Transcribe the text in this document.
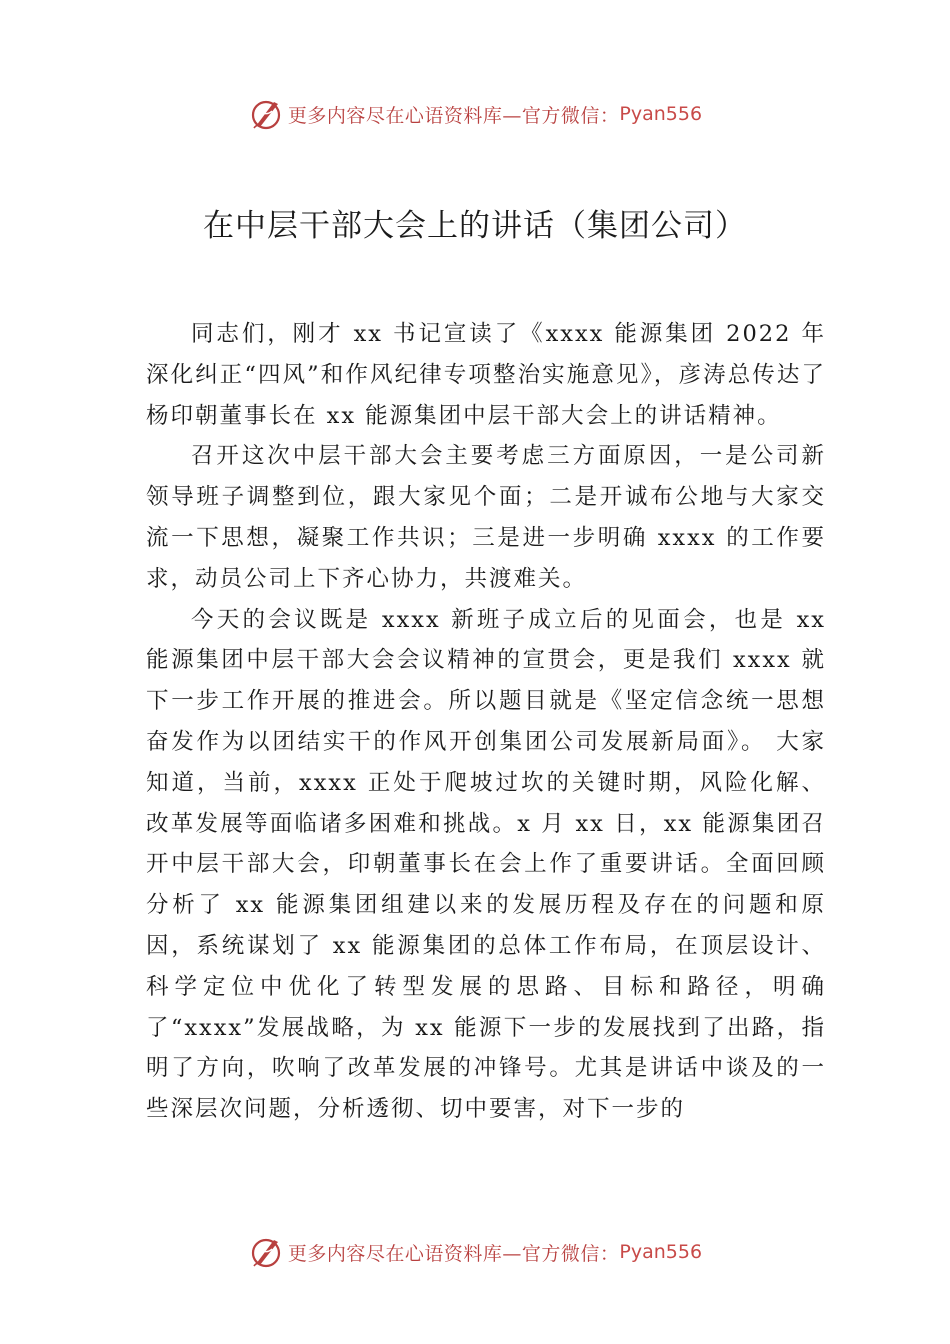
更多内容尽在心语资料库—官方微信： Pyan556
在中层干部大会上的讲话（集团公司）

同志们，刚才 xx 书记宣读了《xxxx 能源集团 2022 年深化纠正“四风”和作风纪律专项整治实施意见》，彦涛总传达了杨印朝董事长在 xx 能源集团中层干部大会上的讲话精神。

召开这次中层干部大会主要考虑三方面原因，一是公司新领导班子调整到位，跟大家见个面；二是开诚布公地与大家交流一下思想，凝聚工作共识；三是进一步明确 xxxx 的工作要求，动员公司上下齐心协力，共渡难关。

今天的会议既是 xxxx 新班子成立后的见面会，也是 xx 能源集团中层干部大会会议精神的宣贯会，更是我们 xxxx 就下一步工作开展的推进会。所以题目就是《坚定信念统一思想奋发作为以团结实干的作风开创集团公司发展新局面》。 大家知道，当前，xxxx 正处于爬坡过坎的关键时期，风险化解、改革发展等面临诸多困难和挑战。x 月 xx 日，xx 能源集团召开中层干部大会，印朝董事长在会上作了重要讲话。全面回顾分析了 xx 能源集团组建以来的发展历程及存在的问题和原因，系统谋划了 xx 能源集团的总体工作布局，在顶层设计、科学定位中优化了转型发展的思路、目标和路径，明确了“xxxx”发展战略，为 xx 能源下一步的发展找到了出路，指明了方向，吹响了改革发展的冲锋号。尤其是讲话中谈及的一些深层次问题，分析透彻、切中要害，对下一步的

更多内容尽在心语资料库—官方微信： Pyan556
